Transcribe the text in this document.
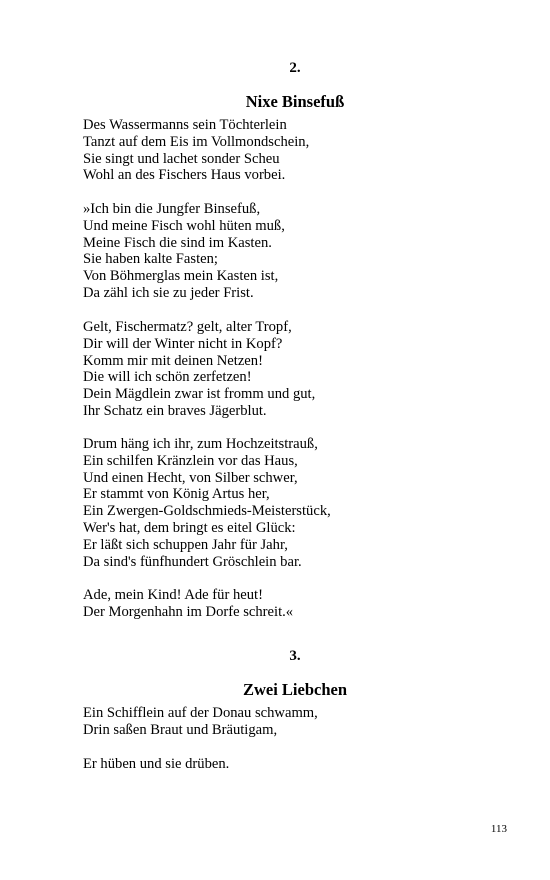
2.
Nixe Binsefuß
Des Wassermanns sein Töchterlein
Tanzt auf dem Eis im Vollmondschein,
Sie singt und lachet sonder Scheu
Wohl an des Fischers Haus vorbei.
»Ich bin die Jungfer Binsefuß,
Und meine Fisch wohl hüten muß,
Meine Fisch die sind im Kasten.
Sie haben kalte Fasten;
Von Böhmerglas mein Kasten ist,
Da zähl ich sie zu jeder Frist.
Gelt, Fischermatz? gelt, alter Tropf,
Dir will der Winter nicht in Kopf?
Komm mir mit deinen Netzen!
Die will ich schön zerfetzen!
Dein Mägdlein zwar ist fromm und gut,
Ihr Schatz ein braves Jägerblut.
Drum häng ich ihr, zum Hochzeitstrauß,
Ein schilfen Kränzlein vor das Haus,
Und einen Hecht, von Silber schwer,
Er stammt von König Artus her,
Ein Zwergen-Goldschmieds-Meisterstück,
Wer's hat, dem bringt es eitel Glück:
Er läßt sich schuppen Jahr für Jahr,
Da sind's fünfhundert Gröschlein bar.
Ade, mein Kind! Ade für heut!
Der Morgenhahn im Dorfe schreit.«
3.
Zwei Liebchen
Ein Schifflein auf der Donau schwamm,
Drin saßen Braut und Bräutigam,
Er hüben und sie drüben.
113
